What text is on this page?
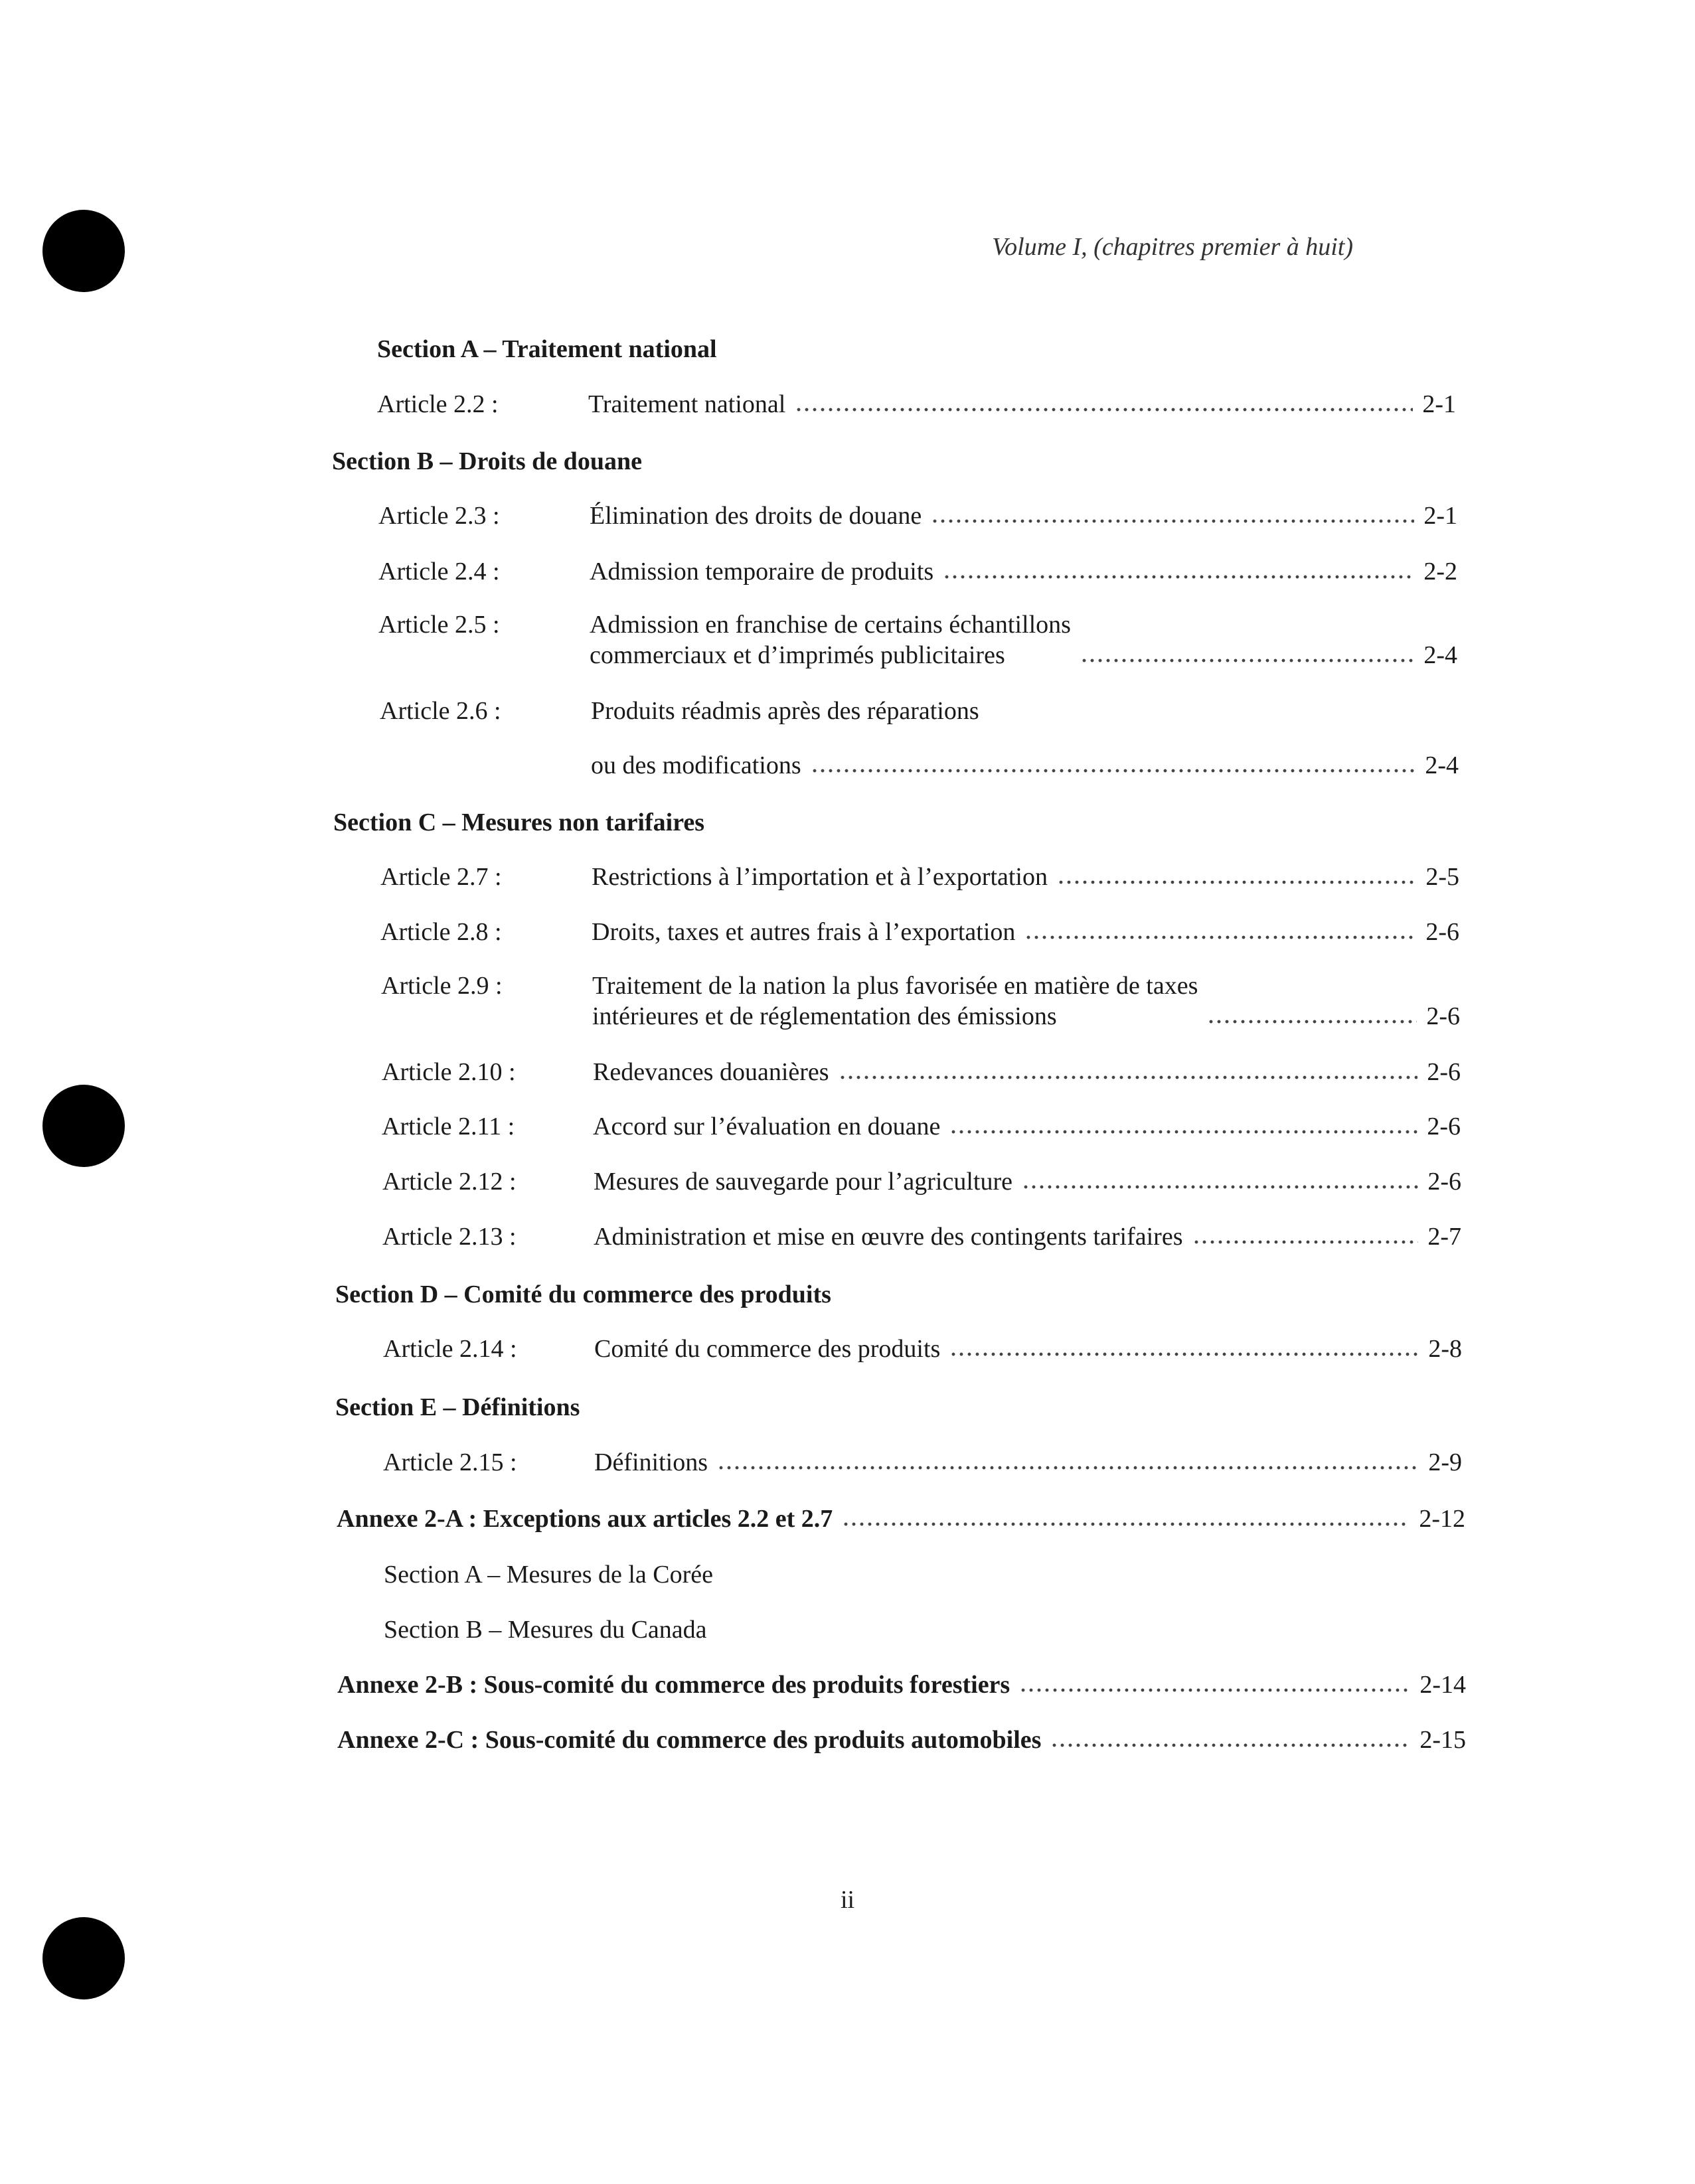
Volume I, (chapitres premier à huit)
Section A – Traitement national
Article 2.2 :	Traitement national	2-1
Section B – Droits de douane
Article 2.3 :	Élimination des droits de douane	2-1
Article 2.4 :	Admission temporaire de produits	2-2
Article 2.5 :	Admission en franchise de certains échantillons
commerciaux et d’imprimés publicitaires	2-4
Article 2.6 :	Produits réadmis après des réparations
ou des modifications	2-4
Section C – Mesures non tarifaires
Article 2.7 :	Restrictions à l’importation et à l’exportation	2-5
Article 2.8 :	Droits, taxes et autres frais à l’exportation	2-6
Article 2.9 :	Traitement de la nation la plus favorisée en matière de taxes
intérieures et de réglementation des émissions	2-6
Article 2.10 :	Redevances douanières	2-6
Article 2.11 :	Accord sur l’évaluation en douane	2-6
Article 2.12 :	Mesures de sauvegarde pour l’agriculture	2-6
Article 2.13 :	Administration et mise en œuvre des contingents tarifaires	2-7
Section D – Comité du commerce des produits
Article 2.14 :	Comité du commerce des produits	2-8
Section E – Définitions
Article 2.15 :	Définitions	2-9
Annexe 2-A : Exceptions aux articles 2.2 et 2.7	2-12
Section A – Mesures de la Corée
Section B – Mesures du Canada
Annexe 2-B : Sous-comité du commerce des produits forestiers	2-14
Annexe 2-C : Sous-comité du commerce des produits automobiles	2-15
ii
